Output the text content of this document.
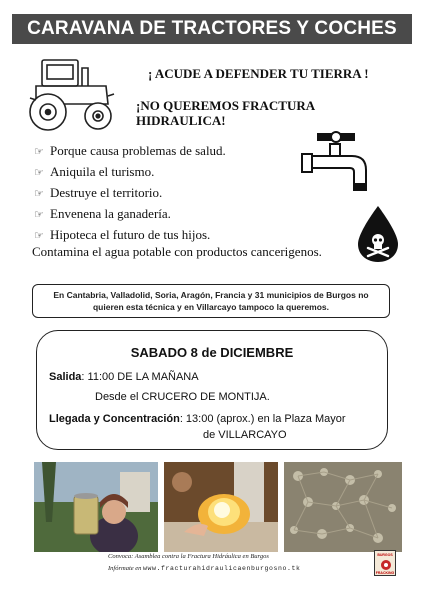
CARAVANA DE TRACTORES Y COCHES
¡ ACUDE A DEFENDER TU TIERRA !
¡NO QUEREMOS FRACTURA HIDRAULICA!
☞ Porque causa problemas de salud.
☞ Aniquila el turismo.
☞ Destruye el territorio.
☞ Envenena la ganadería.
☞ Hipoteca el futuro de tus hijos.
Contamina el agua potable con productos cancerigenos.
En Cantabria, Valladolid, Soria, Aragón, Francia y 31 municipios de Burgos no quieren esta técnica y en Villarcayo tampoco la queremos.
SABADO 8 de DICIEMBRE
Salida: 11:00 DE LA MAÑANA
Desde el CRUCERO DE MONTIJA.
Llegada y Concentración: 13:00 (aprox.) en la Plaza Mayor
de VILLARCAYO
Convoca: Asamblea contra la Fractura Hidráulica en Burgos
Infórmate en www.fracturahidraulicaenburgosno.tk
BURGOS
FRACKING
